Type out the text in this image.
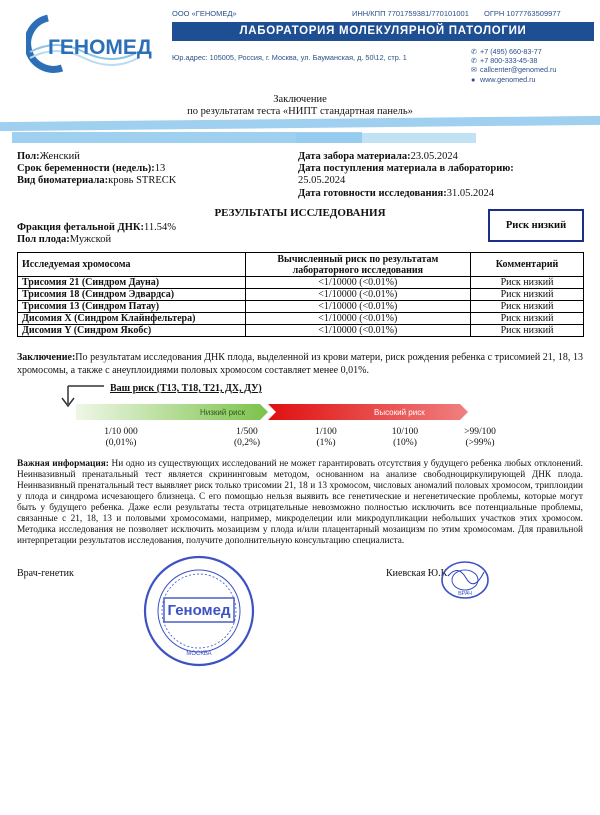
ГЕНОМЕД
ООО «ГЕНОМЕД»	ИНН/КПП 7701759381/770101001 ОГРН 1077763509977
ЛАБОРАТОРИЯ МОЛЕКУЛЯРНОЙ ПАТОЛОГИИ
Юр.адрес: 105005, Россия, г. Москва, ул. Бауманская, д. 50\12, стр. 1
✆ +7 (495) 660-83-77
✆ +7 800-333-45-38
✉ callcenter@genomed.ru
● www.genomed.ru
Заключение
по результатам теста «НИПТ стандартная панель»
Пол:Женский
Срок беременности (недель):13
Вид биоматериала:кровь STRECK
Дата забора материала:23.05.2024
Дата поступления материала в лабораторию:
25.05.2024
Дата готовности исследования:31.05.2024
РЕЗУЛЬТАТЫ ИССЛЕДОВАНИЯ
Риск низкий
Фракция фетальной ДНК:11.54%
Пол плода:Мужской
Исследуемая хромосома	Вычисленный риск по результатам лабораторного исследования	Комментарий
Трисомия 21 (Синдром Дауна)	<1/10000 (<0.01%)	Риск низкий
Трисомия 18 (Синдром Эдвардса)	<1/10000 (<0.01%)	Риск низкий
Трисомия 13 (Синдром Патау)	<1/10000 (<0.01%)	Риск низкий
Дисомия X (Синдром Клайнфельтера)	<1/10000 (<0.01%)	Риск низкий
Дисомия Y (Синдром Якобс)	<1/10000 (<0.01%)	Риск низкий
Заключение:По результатам исследования ДНК плода, выделенной из крови матери, риск рождения ребенка с трисомией 21, 18, 13 хромосомы, а также с анеуплоидиями половых хромосом составляет менее 0,01%.
Ваш риск (Т13, Т18, Т21, ДХ, ДУ)
Низкий риск	Высокий риск
1/10 000
(0,01%)
1/500
(0,2%)
1/100
(1%)
10/100
(10%)
>99/100
(>99%)
Важная информация: Ни одно из существующих исследований не может гарантировать отсутствия у будущего ребенка любых отклонений. Неинвазивный пренатальный тест является скрининговым методом, основанном на анализе свободноциркулирующей ДНК плода. Неинвазивный пренатальный тест выявляет риск только трисомии 21, 18 и 13 хромосом, числовых аномалий половых хромосом, триплоидии у плода и синдрома исчезающего близнеца. С его помощью нельзя выявить все генетические и негенетические проблемы, которые могут быть у будущего ребенка. Даже если результаты теста отрицательные невозможно полностью исключить все потенциальные проблемы, связанные с 21, 18, 13 и половыми хромосомами, например, микроделеции или микродупликации небольших участков этих хромосом. Методика исследования не позволяет исключить мозаицизм у плода и/или плацентарный мозаицизм по этим хромосомам. Для правильной интерпретации результатов исследования, получите дополнительную консультацию специалиста.
Врач-генетик	Киевская Ю.К.
Геномед
МОСКВА
ВРАЧ
